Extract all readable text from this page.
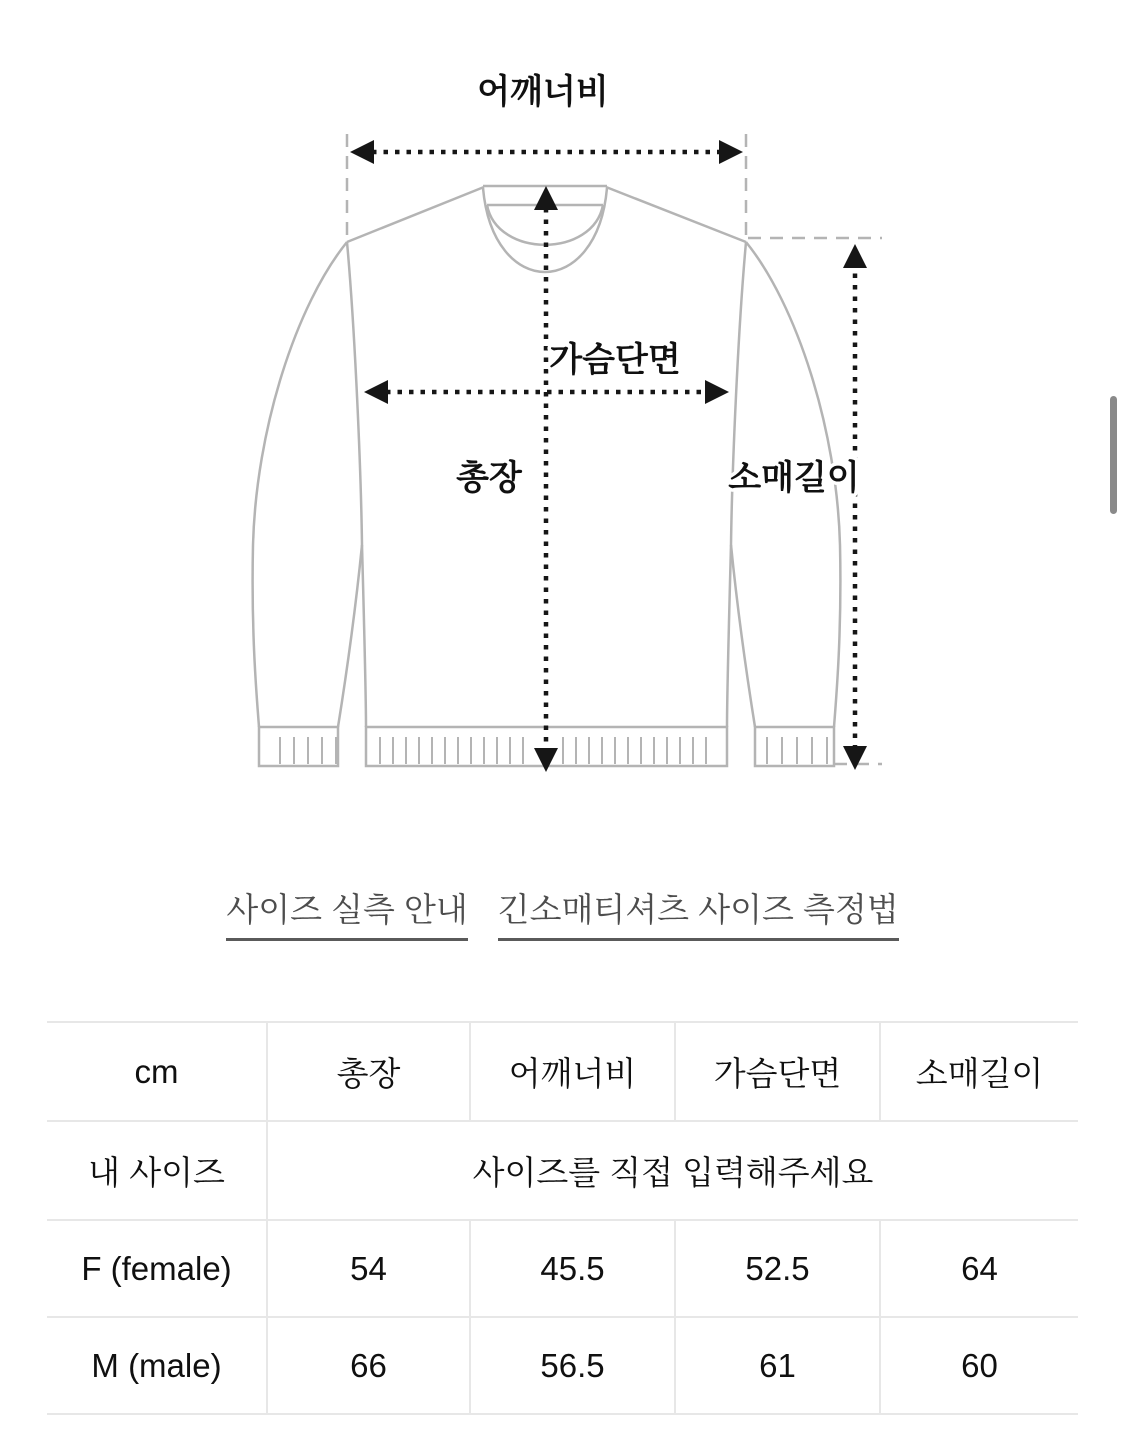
어깨너비
가슴단면
총장	소매길이
사이즈 실측 안내 긴소매티셔츠 사이즈 측정법
cm	총장	어깨너비	가슴단면	소매길이
내 사이즈	사이즈를 직접 입력해주세요			
F (female)	54	45.5	52.5	64
M (male)	66	56.5	61	60
